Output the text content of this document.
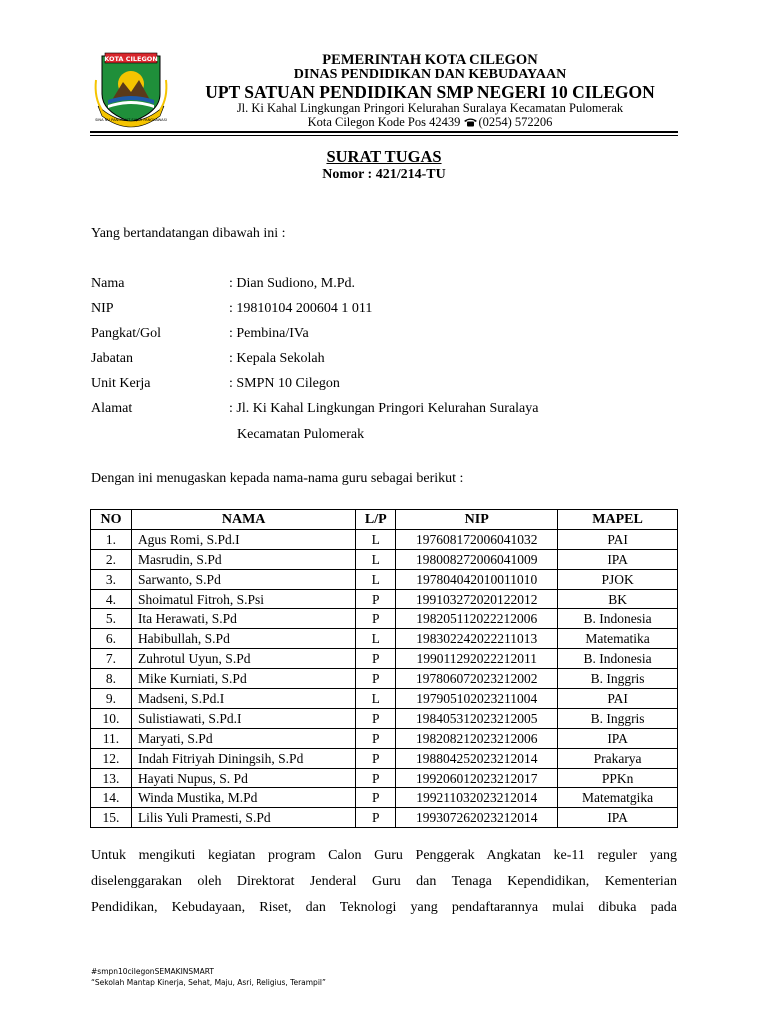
KOTA CILEGON
SINA NU PANGKUAT SAJAR PANGKAWASI
PEMERINTAH KOTA CILEGON
DINAS PENDIDIKAN DAN KEBUDAYAAN
UPT SATUAN PENDIDIKAN SMP NEGERI 10 CILEGON
Jl. Ki Kahal Lingkungan Pringori Kelurahan Suralaya Kecamatan Pulomerak
Kota Cilegon Kode Pos 42439 (0254) 572206
SURAT TUGAS
Nomor : 421/214-TU
Yang bertandatangan dibawah ini :
Nama	: Dian Sudiono, M.Pd.
NIP	: 19810104 200604 1 011
Pangkat/Gol	: Pembina/IVa
Jabatan	: Kepala Sekolah
Unit Kerja	: SMPN 10 Cilegon
Alamat	: Jl. Ki Kahal Lingkungan Pringori Kelurahan Suralaya
Kecamatan Pulomerak
Dengan ini menugaskan kepada nama-nama guru sebagai berikut :
NO	NAMA	L/P	NIP	MAPEL
1.	Agus Romi, S.Pd.I	L	197608172006041032	PAI
2.	Masrudin, S.Pd	L	198008272006041009	IPA
3.	Sarwanto, S.Pd	L	197804042010011010	PJOK
4.	Shoimatul Fitroh, S.Psi	P	199103272020122012	BK
5.	Ita Herawati, S.Pd	P	198205112022212006	B. Indonesia
6.	Habibullah, S.Pd	L	198302242022211013	Matematika
7.	Zuhrotul Uyun, S.Pd	P	199011292022212011	B. Indonesia
8.	Mike Kurniati, S.Pd	P	197806072023212002	B. Inggris
9.	Madseni, S.Pd.I	L	197905102023211004	PAI
10.	Sulistiawati, S.Pd.I	P	198405312023212005	B. Inggris
11.	Maryati, S.Pd	P	198208212023212006	IPA
12.	Indah Fitriyah Diningsih, S.Pd	P	198804252023212014	Prakarya
13.	Hayati Nupus, S. Pd	P	199206012023212017	PPKn
14.	Winda Mustika, M.Pd	P	199211032023212014	Matematgika
15.	Lilis Yuli Pramesti, S.Pd	P	199307262023212014	IPA
Untuk mengikuti kegiatan program Calon Guru Penggerak Angkatan ke-11 reguler yang
diselenggarakan oleh Direktorat Jenderal Guru dan Tenaga Kependidikan, Kementerian
Pendidikan, Kebudayaan, Riset, dan Teknologi yang pendaftarannya mulai dibuka pada
#smpn10cilegonSEMAKINSMART
“Sekolah Mantap Kinerja, Sehat, Maju, Asri, Religius, Terampil”
